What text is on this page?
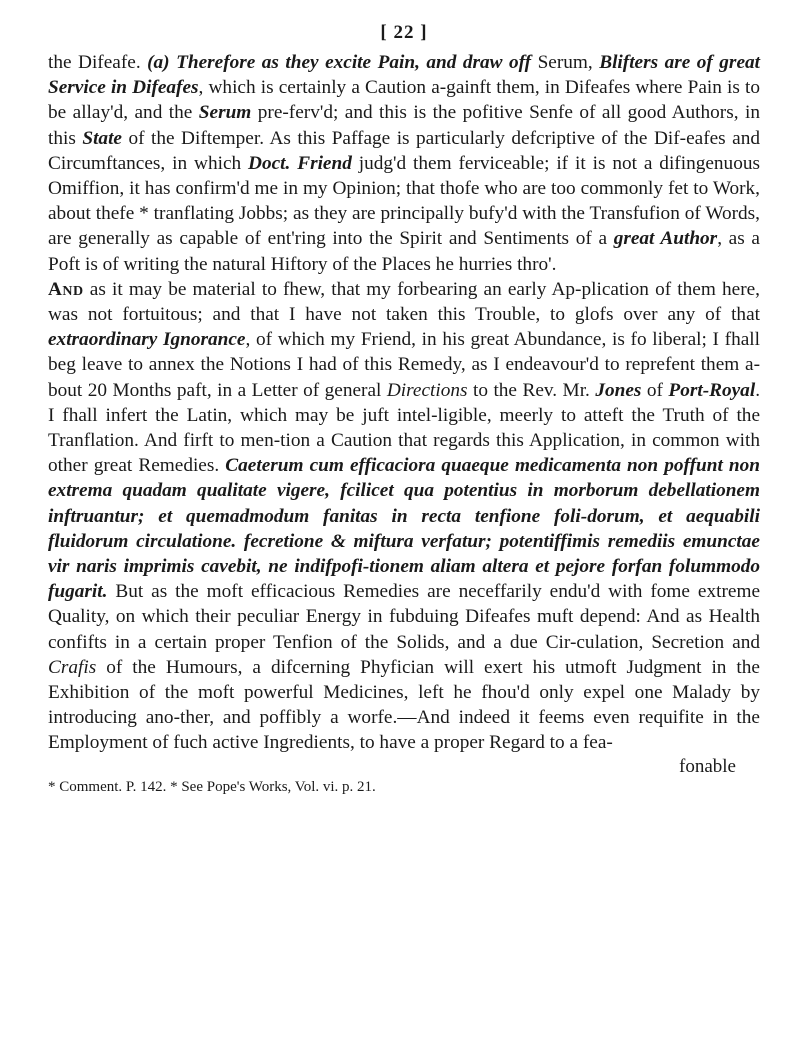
[ 22 ]

the Difeafe. (a) Therefore as they excite Pain, and draw off Serum, Blifters are of great Service in Difeafes, which is certainly a Caution a-gainft them, in Difeafes where Pain is to be allay'd, and the Serum pre-ferv'd; and this is the pofitive Senfe of all good Authors, in this State of the Diftemper. As this Paffage is particularly defcriptive of the Dif-eafes and Circumftances, in which Doct. Friend judg'd them ferviceable; if it is not a difingenuous Omiffion, it has confirm'd me in my Opinion; that thofe who are too commonly fet to Work, about thefe * tranflating Jobbs; as they are principally bufy'd with the Transfufion of Words, are generally as capable of ent'ring into the Spirit and Sentiments of a great Author, as a Poft is of writing the natural Hiftory of the Places he hurries thro'.

And as it may be material to fhew, that my forbearing an early Ap-plication of them here, was not fortuitous; and that I have not taken this Trouble, to glofs over any of that extraordinary Ignorance, of which my Friend, in his great Abundance, is fo liberal; I fhall beg leave to annex the Notions I had of this Remedy, as I endeavour'd to reprefent them a-bout 20 Months paft, in a Letter of general Directions to the Rev. Mr. Jones of Port-Royal. I fhall infert the Latin, which may be juft intel-ligible, meerly to atteft the Truth of the Tranflation. And firft to men-tion a Caution that regards this Application, in common with other great Remedies. Caeterum cum efficaciora quaeque medicamenta non poffunt non extrema quadam qualitate vigere, fcilicet qua potentius in morborum debellationem inftruantur; et quemadmodum fanitas in recta tenfione foli-dorum, et aequabili fluidorum circulatione. fecretione & miftura verfatur; potentiffimis remediis emunctae vir naris imprimis cavebit, ne indifpofi-tionem aliam altera et pejore forfan folummodo fugarit. But as the moft efficacious Remedies are neceffarily endu'd with fome extreme Quality, on which their peculiar Energy in fubduing Difeafes muft depend: And as Health confifts in a certain proper Tenfion of the Solids, and a due Cir-culation, Secretion and Crafis of the Humours, a difcerning Phyfician will exert his utmoft Judgment in the Exhibition of the moft powerful Medicines, left he fhou'd only expel one Malady by introducing ano-ther, and poffibly a worfe.—And indeed it feems even requifite in the Employment of fuch active Ingredients, to have a proper Regard to a fea-

fonable
* Comment. P. 142. * See Pope's Works, Vol. vi. p. 21.
